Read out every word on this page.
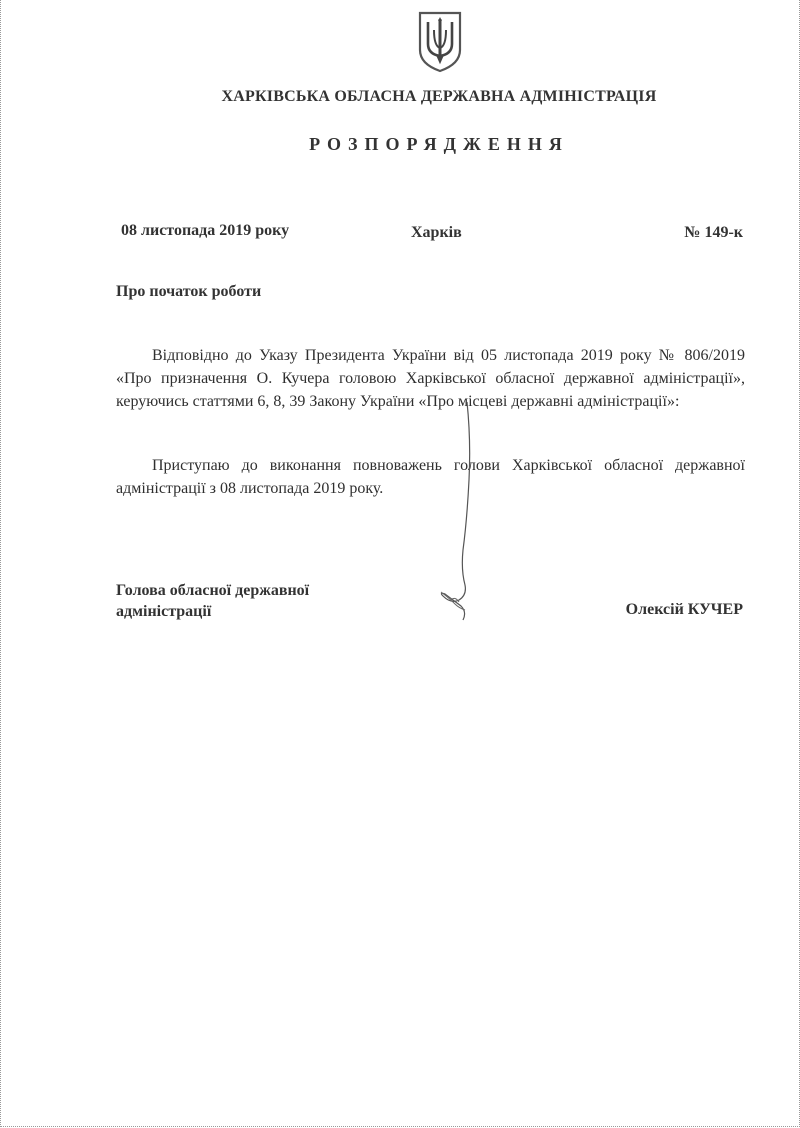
ХАРКІВСЬКА ОБЛАСНА ДЕРЖАВНА АДМІНІСТРАЦІЯ
РОЗПОРЯДЖЕННЯ
08 листопада 2019 року	Харків	№ 149-к
Про початок роботи

Відповідно до Указу Президента України від 05 листопада 2019 року № 806/2019 «Про призначення О. Кучера головою Харківської обласної державної адміністрації», керуючись статтями 6, 8, 39 Закону України «Про місцеві державні адміністрації»:

Приступаю до виконання повноважень голови Харківської обласної державної адміністрації з 08 листопада 2019 року.

Голова обласної державної
адміністрації	Олексій КУЧЕР
